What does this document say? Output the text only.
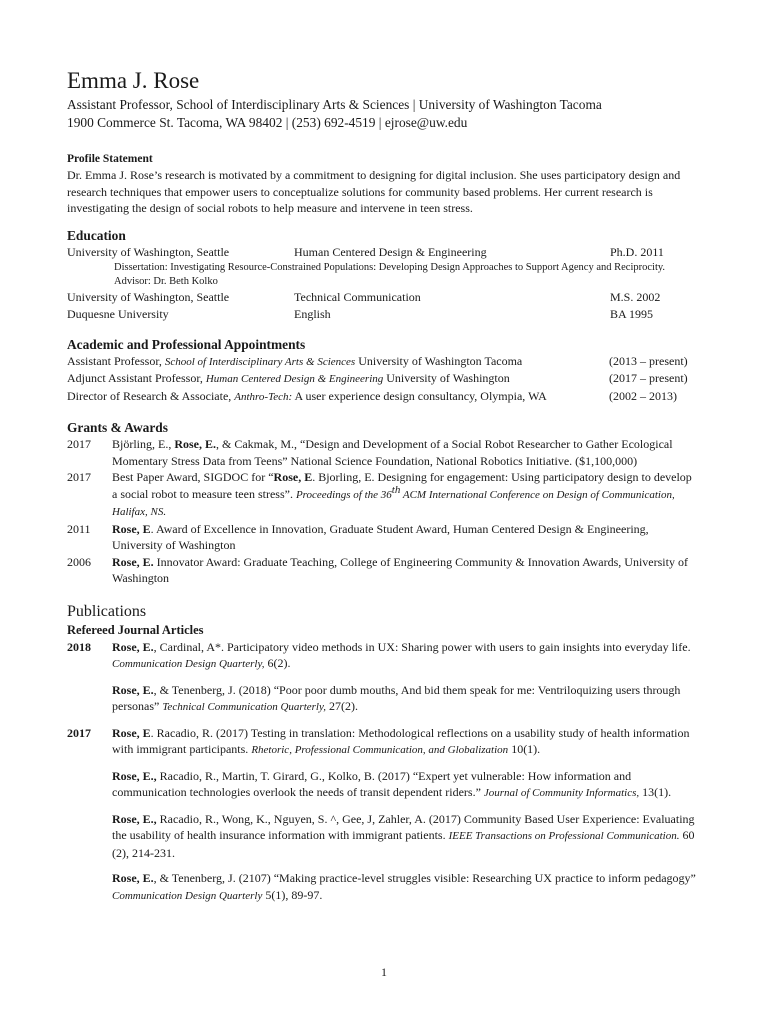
Emma J. Rose
Assistant Professor, School of Interdisciplinary Arts & Sciences | University of Washington Tacoma
1900 Commerce St. Tacoma, WA 98402 | (253) 692-4519 | ejrose@uw.edu
Profile Statement
Dr. Emma J. Rose’s research is motivated by a commitment to designing for digital inclusion. She uses participatory design and research techniques that empower users to conceptualize solutions for community based problems. Her current research is investigating the design of social robots to help measure and intervene in teen stress.
Education
University of Washington, Seattle	Human Centered Design & Engineering	Ph.D. 2011
Dissertation: Investigating Resource-Constrained Populations: Developing Design Approaches to Support Agency and Reciprocity. Advisor: Dr. Beth Kolko
University of Washington, Seattle	Technical Communication	M.S. 2002
Duquesne University	English	BA 1995
Academic and Professional Appointments
Assistant Professor, School of Interdisciplinary Arts & Sciences University of Washington Tacoma	(2013 – present)
Adjunct Assistant Professor, Human Centered Design & Engineering University of Washington	(2017 – present)
Director of Research & Associate, Anthro-Tech: A user experience design consultancy, Olympia, WA	(2002 – 2013)
Grants & Awards
2017	Bjӧrling, E., Rose, E., & Cakmak, M., “Design and Development of a Social Robot Researcher to Gather Ecological Momentary Stress Data from Teens” National Science Foundation, National Robotics Initiative. ($1,100,000)
2017	Best Paper Award, SIGDOC for “Rose, E. Bjorling, E. Designing for engagement: Using participatory design to develop a social robot to measure teen stress”. Proceedings of the 36th ACM International Conference on Design of Communication, Halifax, NS.
2011	Rose, E. Award of Excellence in Innovation, Graduate Student Award, Human Centered Design & Engineering, University of Washington
2006	Rose, E. Innovator Award: Graduate Teaching, College of Engineering Community & Innovation Awards, University of Washington
Publications
Refereed Journal Articles
2018	Rose, E., Cardinal, A*. Participatory video methods in UX: Sharing power with users to gain insights into everyday life. Communication Design Quarterly, 6(2).
Rose, E., & Tenenberg, J. (2018) “Poor poor dumb mouths, And bid them speak for me: Ventriloquizing users through personas” Technical Communication Quarterly, 27(2).
2017	Rose, E. Racadio, R. (2017) Testing in translation: Methodological reflections on a usability study of health information with immigrant participants. Rhetoric, Professional Communication, and Globalization 10(1).
Rose, E., Racadio, R., Martin, T. Girard, G., Kolko, B. (2017) “Expert yet vulnerable: How information and communication technologies overlook the needs of transit dependent riders.” Journal of Community Informatics, 13(1).
Rose, E., Racadio, R., Wong, K., Nguyen, S. ^, Gee, J, Zahler, A. (2017) Community Based User Experience: Evaluating the usability of health insurance information with immigrant patients. IEEE Transactions on Professional Communication. 60 (2), 214-231.
Rose, E., & Tenenberg, J. (2107) “Making practice-level struggles visible: Researching UX practice to inform pedagogy” Communication Design Quarterly 5(1), 89-97.
1
